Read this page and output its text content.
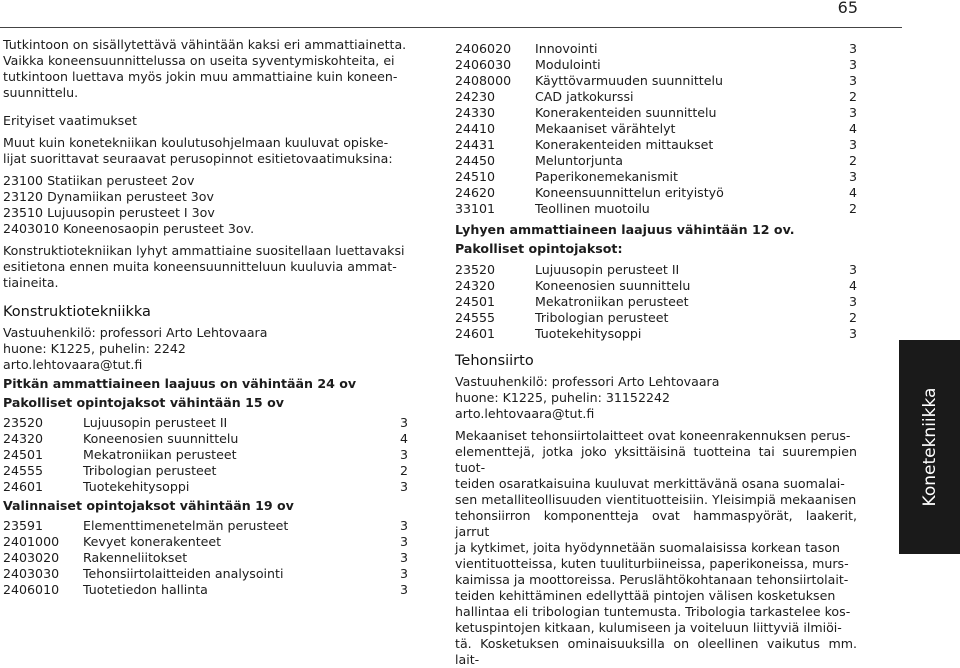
65

Tutkintoon on sisällytettävä vähintään kaksi eri ammattiainetta.

Vaikka koneensuunnittelussa on useita syventymiskohteita, ei

tutkintoon luettava myös jokin muu ammattiaine kuin koneen-

suunnittelu.

Erityiset vaatimukset

Muut kuin konetekniikan koulutusohjelmaan kuuluvat opiske-

lijat suorittavat seuraavat perusopinnot esitietovaatimuksina:

23100 Statiikan perusteet 2ov

23120 Dynamiikan perusteet 3ov

23510 Lujuusopin perusteet I 3ov

2403010 Koneenosaopin perusteet 3ov.

Konstruktiotekniikan lyhyt ammattiaine suositellaan luettavaksi

esitietona ennen muita koneensuunnitteluun kuuluvia ammat-

tiaineita.

Konstruktiotekniikka

Vastuuhenkilö: professori Arto Lehtovaara

huone: K1225, puhelin: 2242

arto.lehtovaara@tut.fi

Pitkän ammattiaineen laajuus on vähintään 24 ov

Pakolliset opintojaksot vähintään 15 ov

23520	Lujuusopin perusteet II	3
24320	Koneenosien suunnittelu	4
24501	Mekatroniikan perusteet	3
24555	Tribologian perusteet	2
24601	Tuotekehitysoppi	3

Valinnaiset opintojaksot vähintään 19 ov

23591	Elementtimenetelmän perusteet	3
2401000	Kevyet konerakenteet	3
2403020	Rakenneliitokset	3
2403030	Tehonsiirtolaitteiden analysointi	3
2406010	Tuotetiedon hallinta	3
2406020	Innovointi	3
2406030	Modulointi	3
2408000	Käyttövarmuuden suunnittelu	3
24230	CAD jatkokurssi	2
24330	Konerakenteiden suunnittelu	3
24410	Mekaaniset värähtelyt	4
24431	Konerakenteiden mittaukset	3
24450	Meluntorjunta	2
24510	Paperikonemekanismit	3
24620	Koneensuunnittelun erityistyö	4
33101	Teollinen muotoilu	2

Lyhyen ammattiaineen laajuus vähintään 12 ov.

Pakolliset opintojaksot:

23520	Lujuusopin perusteet II	3
24320	Koneenosien suunnittelu	4
24501	Mekatroniikan perusteet	3
24555	Tribologian perusteet	2
24601	Tuotekehitysoppi	3
Tehonsiirto

Vastuuhenkilö: professori Arto Lehtovaara

huone: K1225, puhelin: 31152242

arto.lehtovaara@tut.fi

Mekaaniset tehonsiirtolaitteet ovat koneenrakennuksen perus-

elementtejä, jotka joko yksittäisinä tuotteina tai suurempien tuot-

teiden osaratkaisuina kuuluvat merkittävänä osana suomalai-

sen metalliteollisuuden vientituotteisiin. Yleisimpiä mekaanisen

tehonsiirron komponentteja ovat hammaspyörät, laakerit, jarrut

ja kytkimet, joita hyödynnetään suomalaisissa korkean tason

vientituotteissa, kuten tuuliturbiineissa, paperikoneissa, murs-

kaimissa ja moottoreissa. Peruslähtökohtanaan tehonsiirtolait-

teiden kehittäminen edellyttää pintojen välisen kosketuksen

hallintaa eli tribologian tuntemusta. Tribologia tarkastelee kos-

ketuspintojen kitkaan, kulumiseen ja voiteluun liittyviä ilmiöi-

tä. Kosketuksen ominaisuuksilla on oleellinen vaikutus mm. lait-

Konetekniikka
